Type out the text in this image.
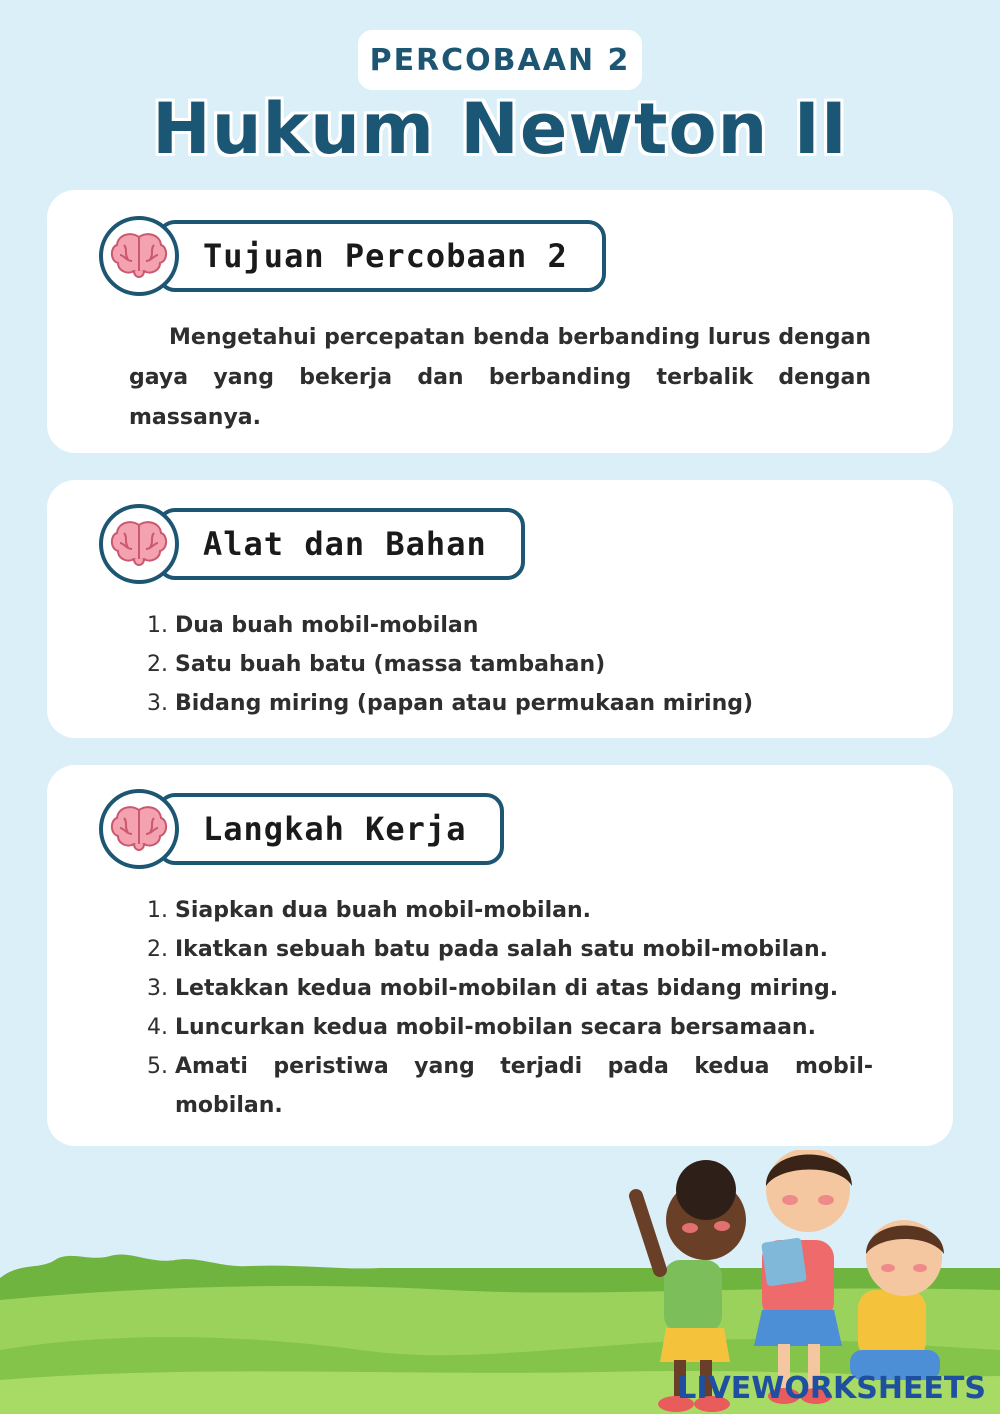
PERCOBAAN 2
Hukum Newton II
Tujuan Percobaan 2

Mengetahui percepatan benda berbanding lurus dengan gaya yang bekerja dan berbanding terbalik dengan massanya.

Alat dan Bahan
1. Dua buah mobil-mobilan
2. Satu buah batu (massa tambahan)
3. Bidang miring (papan atau permukaan miring)
Langkah Kerja
1. Siapkan dua buah mobil-mobilan.
2. Ikatkan sebuah batu pada salah satu mobil-mobilan.
3. Letakkan kedua mobil-mobilan di atas bidang miring.
4. Luncurkan kedua mobil-mobilan secara bersamaan.
5. Amati peristiwa yang terjadi pada kedua mobil-mobilan.
LIVEWORKSHEETS
